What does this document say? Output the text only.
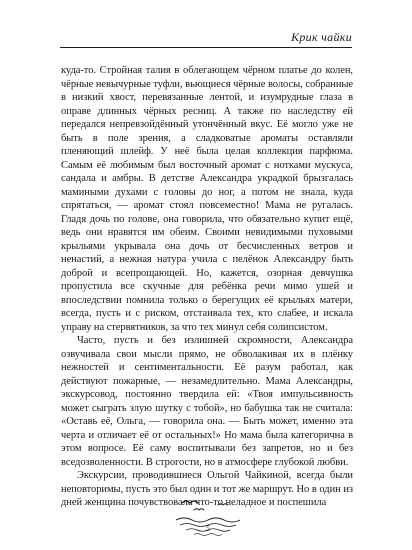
Крик чайки

куда-то. Стройная талия в облегающем чёрном платье до колен, чёрные невычурные туфли, вьющиеся чёрные волосы, собранные в низкий хвост, перевязанные лентой, и изумрудные глаза в оправе длинных чёрных ресниц. А также по наследству ей передался непревзойдённый утончённый вкус. Её могло уже не быть в поле зрения, а сладковатые ароматы оставляли пленяющий шлейф. У неё была целая коллекция парфюма. Самым её любимым был восточный аромат с нотками мускуса, сандала и амбры. В детстве Александра украдкой брызгалась мамиными духами с головы до ног, а потом не знала, куда спрятаться, — аромат стоял повсеместно! Мама не ругалась. Гладя дочь по голове, она говорила, что обязательно купит ещё, ведь они нравятся им обеим. Своими невидимыми пуховыми крыльями укрывала она дочь от бесчисленных ветров и ненастий, а нежная натура учила с пелёнок Александру быть доброй и всепрощающей. Но, кажется, озорная девчушка пропустила все скучные для ребёнка речи мимо ушей и впоследствии помнила только о берегущих её крыльях матери, всегда, пусть и с риском, отстаивала тех, кто слабее, и искала управу на стервятников, за что тех минул себя солипсистом.

Часто, пусть и без излишней скромности, Александра озвучивала свои мысли прямо, не обволакивая их в плёнку нежностей и сентиментальности. Её разум работал, как действуют пожарные, — незамедлительно. Мама Александры, экскурсовод, постоянно твердила ей: «Твоя импульсивность может сыграть злую шутку с тобой», но бабушка так не считала: «Оставь её, Ольга, — говорила она. — Быть может, именно эта черта и отличает её от остальных!» Но мама была категорична в этом вопросе. Её саму воспитывали без запретов, но и без вседозволенности. В строгости, но в атмосфере глубокой любви.

Экскурсии, проводившиеся Ольгой Чайкиной, всегда были неповторимы, пусть это был один и тот же маршрут. Но в один из дней женщина почувствовала что-то неладное и поспешила

5
